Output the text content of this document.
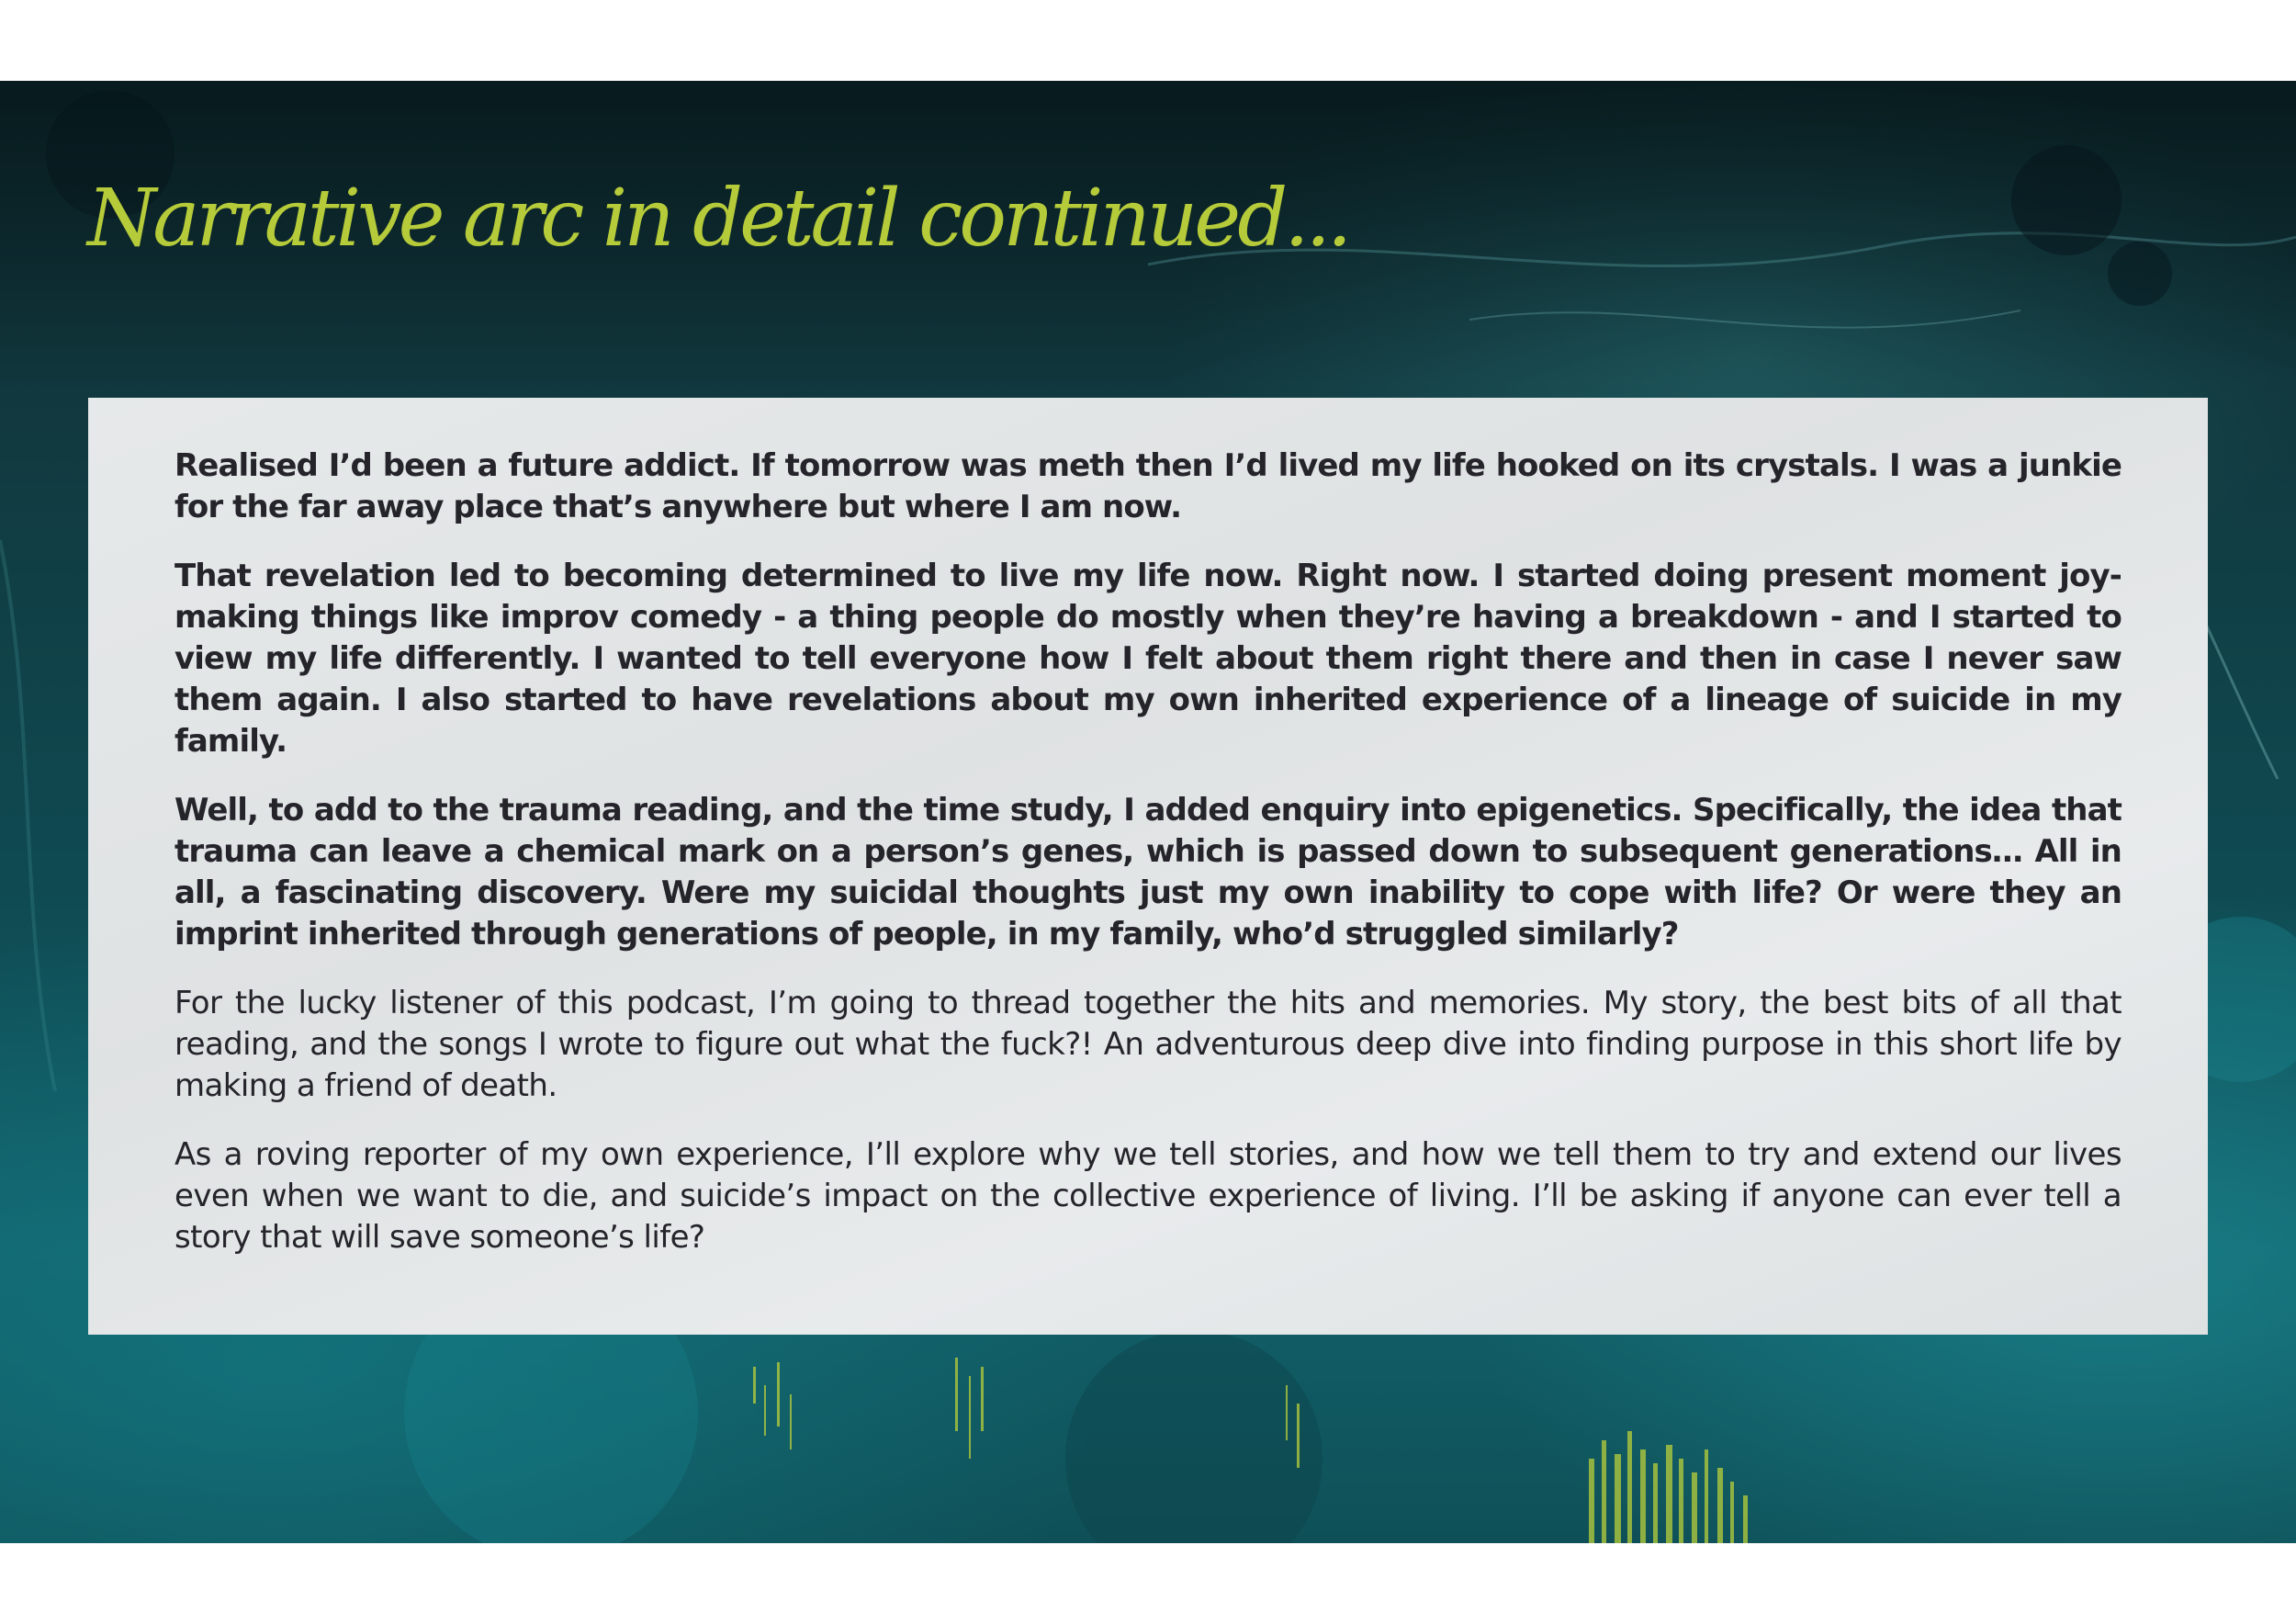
Narrative arc in detail continued...

Realised I’d been a future addict. If tomorrow was meth then I’d lived my life hooked on its crystals. I was a junkie for the far away place that’s anywhere but where I am now.

That revelation led to becoming determined to live my life now. Right now. I started doing present moment joy-making things like improv comedy - a thing people do mostly when they’re having a breakdown - and I started to view my life differently. I wanted to tell everyone how I felt about them right there and then in case I never saw them again. I also started to have revelations about my own inherited experience of a lineage of suicide in my family.

Well, to add to the trauma reading, and the time study, I added enquiry into epigenetics. Specifically, the idea that trauma can leave a chemical mark on a person’s genes, which is passed down to subsequent generations… All in all, a fascinating discovery. Were my suicidal thoughts just my own inability to cope with life? Or were they an imprint inherited through generations of people, in my family, who’d struggled similarly?

For the lucky listener of this podcast, I’m going to thread together the hits and memories. My story, the best bits of all that reading, and the songs I wrote to figure out what the fuck?! An adventurous deep dive into finding purpose in this short life by making a friend of death.

As a roving reporter of my own experience, I’ll explore why we tell stories, and how we tell them to try and extend our lives even when we want to die, and suicide’s impact on the collective experience of living. I’ll be asking if anyone can ever tell a story that will save someone’s life?
